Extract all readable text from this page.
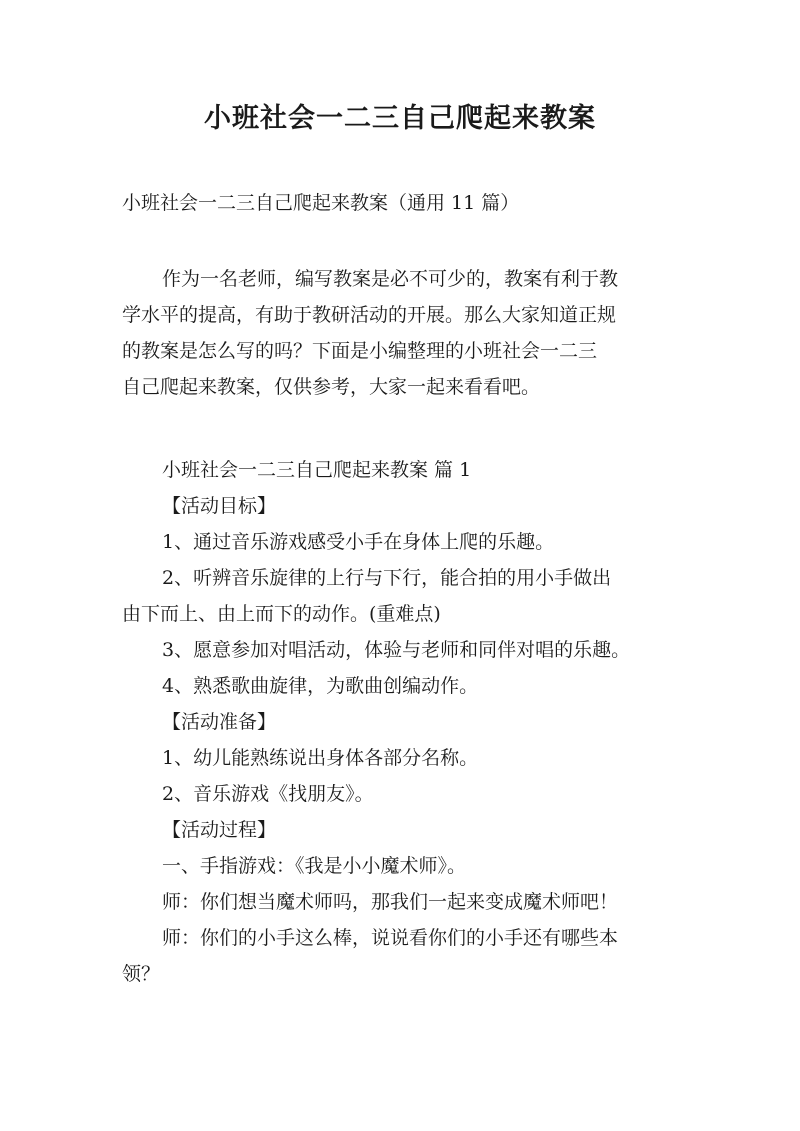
小班社会一二三自己爬起来教案
小班社会一二三自己爬起来教案（通用 11 篇）
作为一名老师，编写教案是必不可少的，教案有利于教
学水平的提高，有助于教研活动的开展。那么大家知道正规
的教案是怎么写的吗？下面是小编整理的小班社会一二三
自己爬起来教案，仅供参考，大家一起来看看吧。
小班社会一二三自己爬起来教案 篇 1
【活动目标】
1、通过音乐游戏感受小手在身体上爬的乐趣。
2、听辨音乐旋律的上行与下行，能合拍的用小手做出
由下而上、由上而下的动作。(重难点)
3、愿意参加对唱活动，体验与老师和同伴对唱的乐趣。
4、熟悉歌曲旋律，为歌曲创编动作。
【活动准备】
1、幼儿能熟练说出身体各部分名称。
2、音乐游戏《找朋友》。
【活动过程】
一、手指游戏：《我是小小魔术师》。
师：你们想当魔术师吗，那我们一起来变成魔术师吧！
师：你们的小手这么棒，说说看你们的小手还有哪些本
领？
